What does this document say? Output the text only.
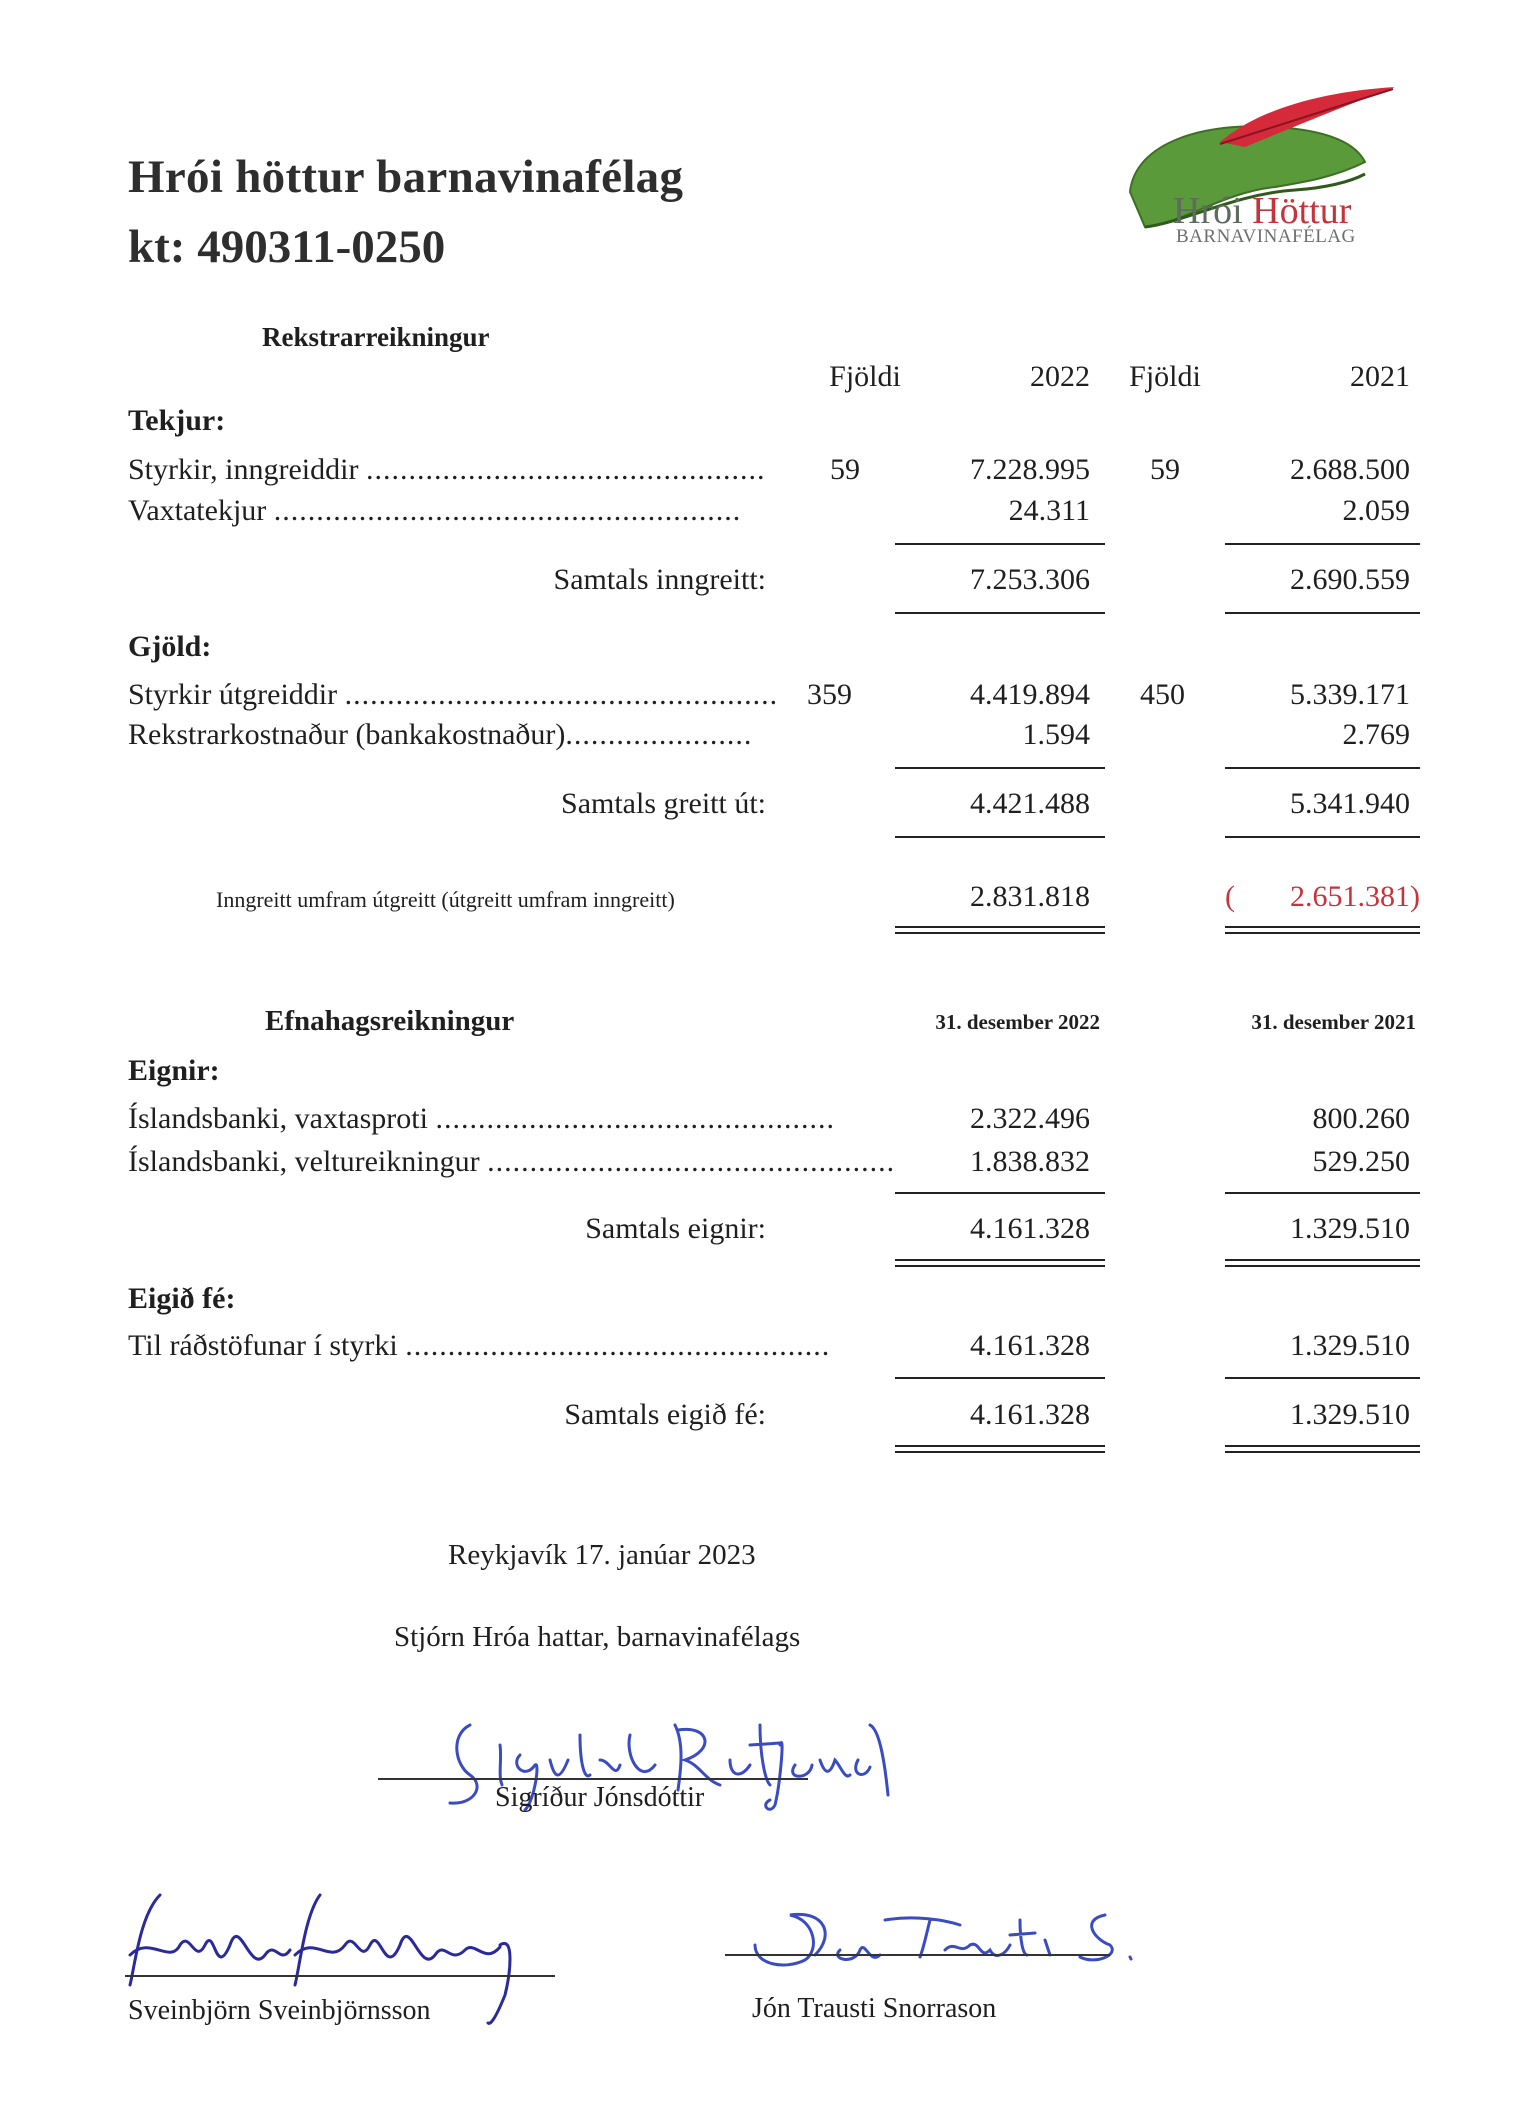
Hrói höttur barnavinafélag
kt: 490311-0250
Hrói Höttur
BARNAVINAFÉLAG
Rekstrarreikningur
Fjöldi	2022	Fjöldi	2021
Tekjur:
Styrkir, inngreiddir ...............................................	59	7.228.995	59	2.688.500
Vaxtatekjur .......................................................	24.311	2.059
Samtals inngreitt:	7.253.306	2.690.559
Gjöld:
Styrkir útgreiddir ................................................... 359	4.419.894	450	5.339.171
Rekstrarkostnaður (bankakostnaður)......................	1.594	2.769
Samtals greitt út:	4.421.488	5.341.940
Inngreitt umfram útgreitt (útgreitt umfram inngreitt)	2.831.818	(	2.651.381)
Efnahagsreikningur	31. desember 2022	31. desember 2021
Eignir:
Íslandsbanki, vaxtasproti ...............................................	2.322.496	800.260
Íslandsbanki, veltureikningur ................................................	1.838.832	529.250
Samtals eignir:	4.161.328	1.329.510
Eigið fé:
Til ráðstöfunar í styrki ..................................................	4.161.328	1.329.510
Samtals eigið fé:	4.161.328	1.329.510
Reykjavík 17. janúar 2023
Stjórn Hróa hattar, barnavinafélags
Sigríður Jónsdóttir
Sveinbjörn Sveinbjörnsson	Jón Trausti Snorrason
